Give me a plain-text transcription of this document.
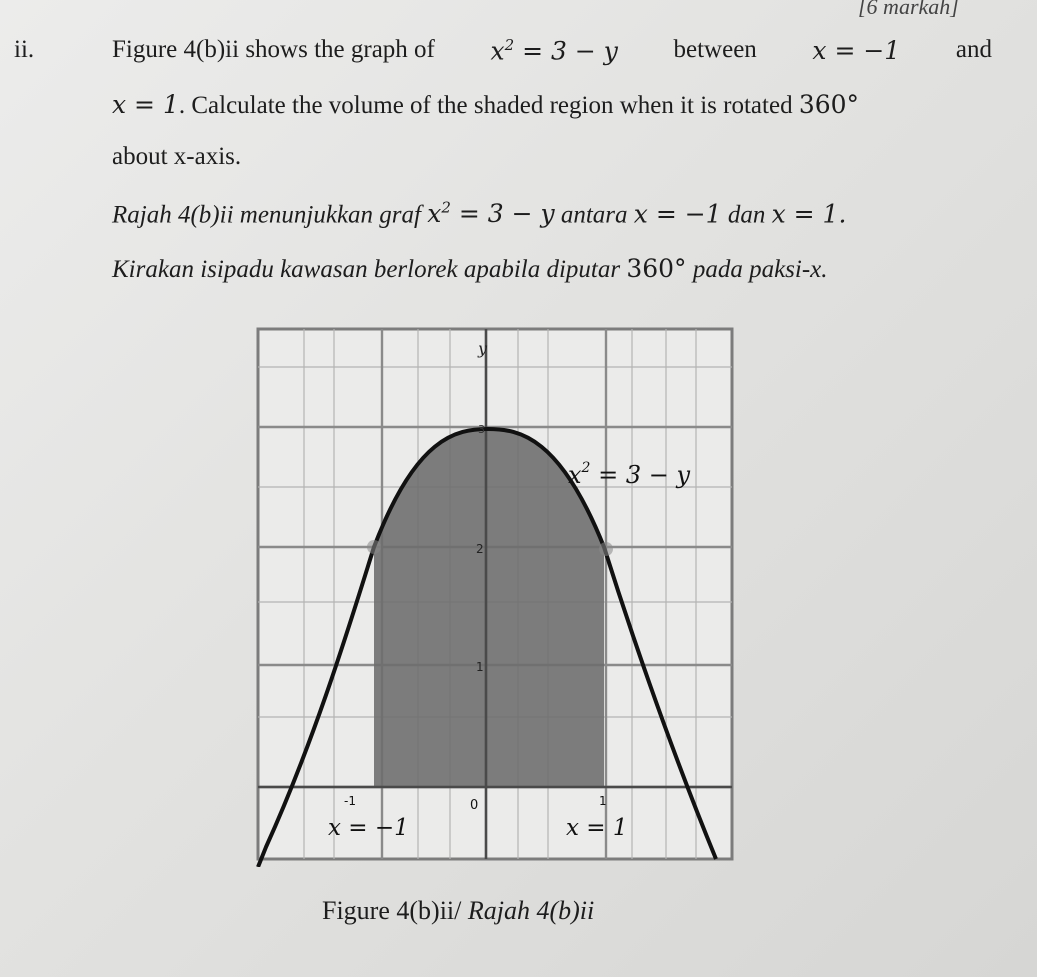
[6 markah]
ii.	Figure 4(b)ii shows the graph of $x^2 = 3 - y$ between x = −1 and
x = 1. Calculate the volume of the shaded region when it is rotated 360°
about x-axis.
Rajah 4(b)ii menunjukkan graf $x^2 = 3 - y$ antara x = −1 dan x = 1.
Kirakan isipadu kawasan berlorek apabila diputar 360° pada paksi-x.
y
3
2
1
0
-1	1
$x^2 = 3 - y$
x = −1	x = 1
Figure 4(b)ii/ Rajah 4(b)ii
